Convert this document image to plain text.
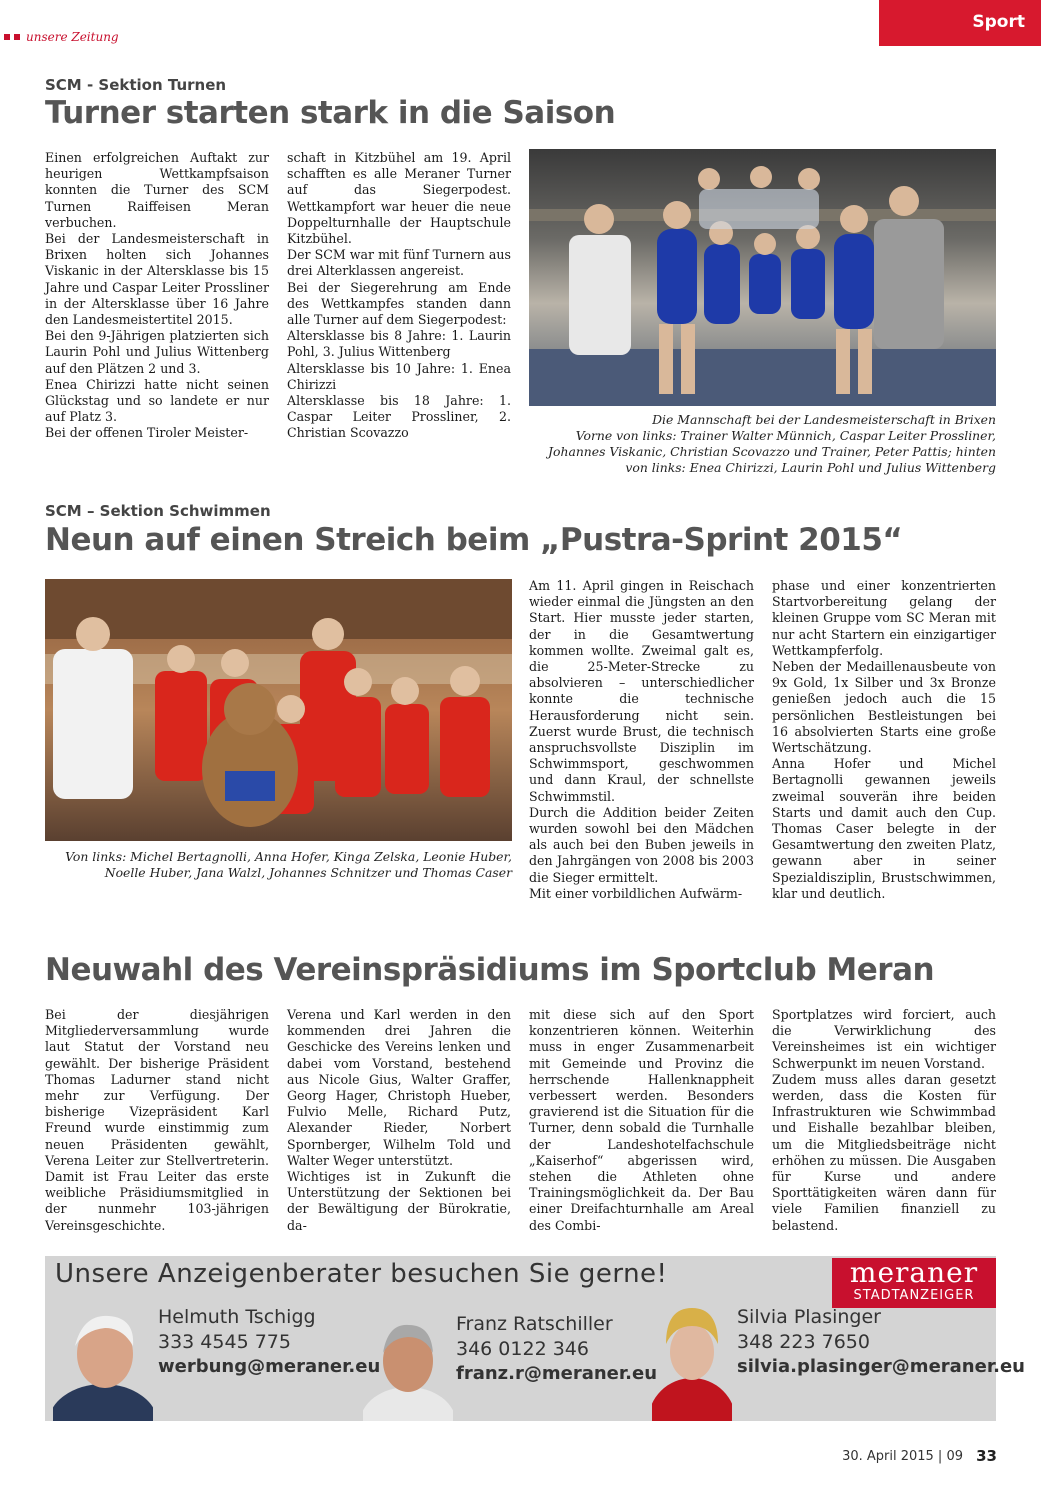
unsere Zeitung
Sport
SCM - Sektion Turnen
Turner starten stark in die Saison
Einen erfolgreichen Auftakt zur heurigen Wettkampfsaison konnten die Turner des SCM Turnen Raiffeisen Meran verbuchen.
Bei der Landesmeisterschaft in Brixen holten sich Johannes Viskanic in der Altersklasse bis 15 Jahre und Caspar Leiter Prossliner in der Altersklasse über 16 Jahre den Landesmeistertitel 2015.
Bei den 9-Jährigen platzierten sich Laurin Pohl und Julius Wittenberg auf den Plätzen 2 und 3.
Enea Chirizzi hatte nicht seinen Glückstag und so landete er nur auf Platz 3.
Bei der offenen Tiroler Meister-
schaft in Kitzbühel am 19. April schafften es alle Meraner Turner auf das Siegerpodest. Wettkampfort war heuer die neue Doppelturnhalle der Hauptschule Kitzbühel.
Der SCM war mit fünf Turnern aus drei Alterklassen angereist.
Bei der Siegerehrung am Ende des Wettkampfes standen dann alle Turner auf dem Siegerpodest:
Altersklasse bis 8 Jahre: 1. Laurin Pohl, 3. Julius Wittenberg
Altersklasse bis 10 Jahre: 1. Enea Chirizzi
Altersklasse bis 18 Jahre: 1. Caspar Leiter Prossliner, 2. Christian Scovazzo
Die Mannschaft bei der Landesmeisterschaft in Brixen
Vorne von links: Trainer Walter Münnich, Caspar Leiter Prossliner, Johannes Viskanic, Christian Scovazzo und Trainer, Peter Pattis; hinten von links: Enea Chirizzi, Laurin Pohl und Julius Wittenberg
SCM – Sektion Schwimmen
Neun auf einen Streich beim „Pustra-Sprint 2015“
Von links: Michel Bertagnolli, Anna Hofer, Kinga Zelska, Leonie Huber,
Noelle Huber, Jana Walzl, Johannes Schnitzer und Thomas Caser
Am 11. April gingen in Reischach wieder einmal die Jüngsten an den Start. Hier musste jeder starten, der in die Gesamtwertung kommen wollte. Zweimal galt es, die 25-Meter-Strecke zu absolvieren – unterschiedlicher konnte die technische Herausforderung nicht sein. Zuerst wurde Brust, die technisch anspruchsvollste Disziplin im Schwimmsport, geschwommen und dann Kraul, der schnellste Schwimmstil.
Durch die Addition beider Zeiten wurden sowohl bei den Mädchen als auch bei den Buben jeweils in den Jahrgängen von 2008 bis 2003 die Sieger ermittelt.
Mit einer vorbildlichen Aufwärm-
phase und einer konzentrierten Startvorbereitung gelang der kleinen Gruppe vom SC Meran mit nur acht Startern ein einzigartiger Wettkampferfolg.
Neben der Medaillenausbeute von 9x Gold, 1x Silber und 3x Bronze genießen jedoch auch die 15 persönlichen Bestleistungen bei 16 absolvierten Starts eine große Wertschätzung.
Anna Hofer und Michel Bertagnolli gewannen jeweils zweimal souverän ihre beiden Starts und damit auch den Cup. Thomas Caser belegte in der Gesamtwertung den zweiten Platz, gewann aber in seiner Spezialdisziplin, Brustschwimmen, klar und deutlich.
Neuwahl des Vereinspräsidiums im Sportclub Meran
Bei der diesjährigen Mitgliederversammlung wurde laut Statut der Vorstand neu gewählt. Der bisherige Präsident Thomas Ladurner stand nicht mehr zur Verfügung. Der bisherige Vizepräsident Karl Freund wurde einstimmig zum neuen Präsidenten gewählt, Verena Leiter zur Stellvertreterin. Damit ist Frau Leiter das erste weibliche Präsidiumsmitglied in der nunmehr 103-jährigen Vereinsgeschichte.
Verena und Karl werden in den kommenden drei Jahren die Geschicke des Vereins lenken und dabei vom Vorstand, bestehend aus Nicole Gius, Walter Graffer, Georg Hager, Christoph Hueber, Fulvio Melle, Richard Putz, Alexander Rieder, Norbert Spornberger, Wilhelm Told und Walter Weger unterstützt.
Wichtiges ist in Zukunft die Unterstützung der Sektionen bei der Bewältigung der Bürokratie, da-
mit diese sich auf den Sport konzentrieren können. Weiterhin muss in enger Zusammenarbeit mit Gemeinde und Provinz die herrschende Hallenknappheit verbessert werden. Besonders gravierend ist die Situation für die Turner, denn sobald die Turnhalle der Landeshotelfachschule „Kaiserhof“ abgerissen wird, stehen die Athleten ohne Trainingsmöglichkeit da. Der Bau einer Dreifachturnhalle am Areal des Combi-
Sportplatzes wird forciert, auch die Verwirklichung des Vereinsheimes ist ein wichtiger Schwerpunkt im neuen Vorstand.
Zudem muss alles daran gesetzt werden, dass die Kosten für Infrastrukturen wie Schwimmbad und Eishalle bezahlbar bleiben, um die Mitgliedsbeiträge nicht erhöhen zu müssen. Die Ausgaben für Kurse und andere Sporttätigkeiten wären dann für viele Familien finanziell zu belastend.
Unsere Anzeigenberater besuchen Sie gerne!	meraner
STADTANZEIGER
Helmuth Tschigg
333 4545 775
werbung@meraner.eu
Franz Ratschiller
346 0122 346
franz.r@meraner.eu
Silvia Plasinger
348 223 7650
silvia.plasinger@meraner.eu
30. April 2015 | 09 33
